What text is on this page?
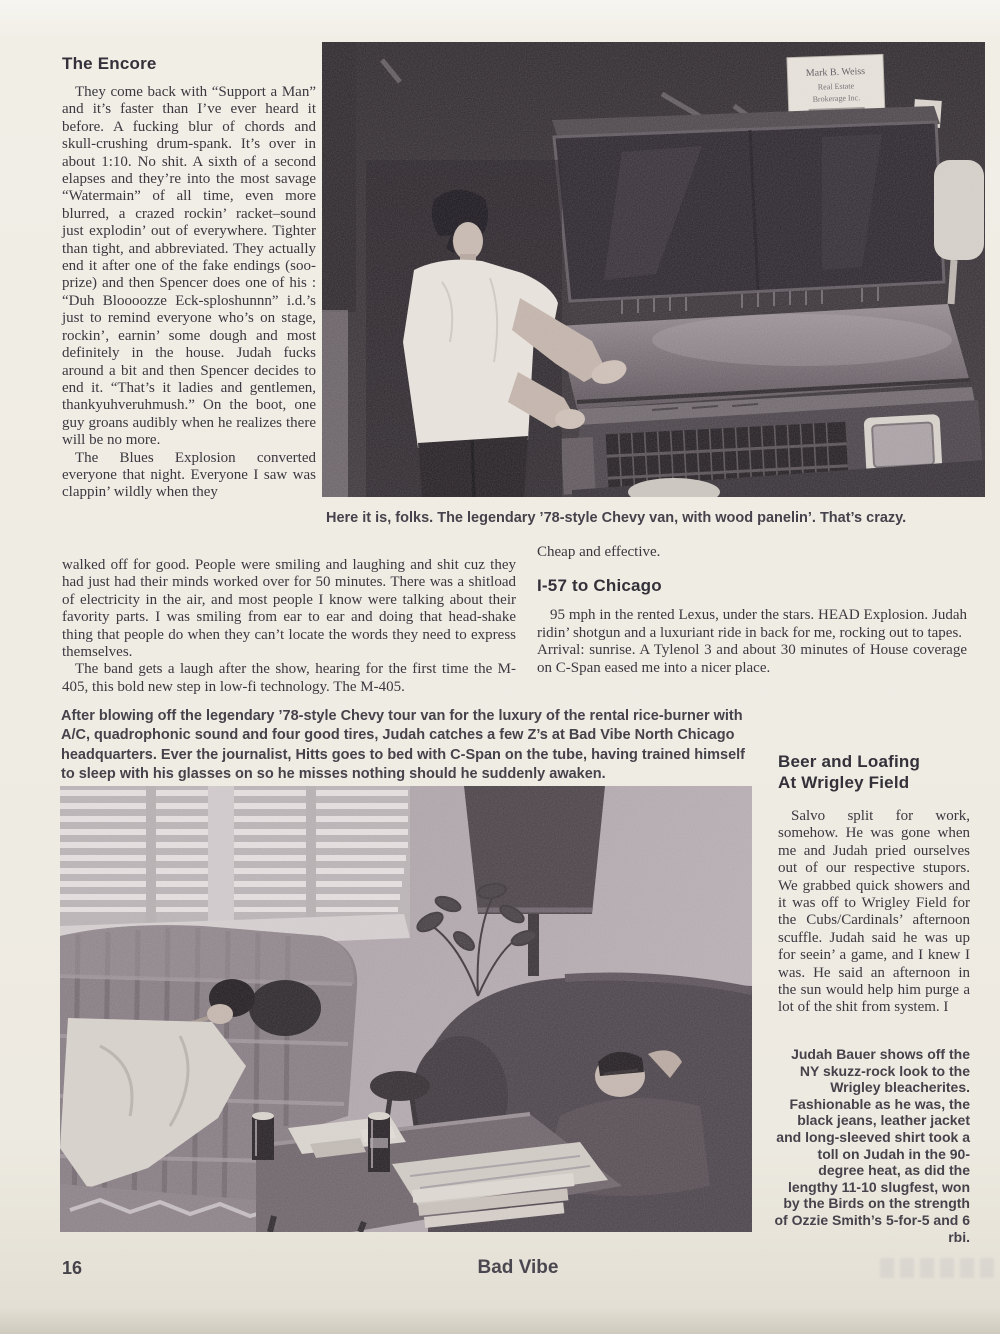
The Encore

They come back with “Support a Man” and it’s faster than I’ve ever heard it before. A fucking blur of chords and skull-crushing drum-spank. It’s over in about 1:10. No shit. A sixth of a second elapses and they’re into the most savage “Watermain” of all time, even more blurred, a crazed rockin’ racket–sound just explodin’ out of everywhere. Tighter than tight, and abbreviated. They actually end it after one of the fake endings (soo-prize) and then Spencer does one of his : “Duh Bloooozze Eck-sploshunnn” i.d.’s just to remind everyone who’s on stage, rockin’, earnin’ some dough and most definitely in the house. Judah fucks around a bit and then Spencer decides to end it. “That’s it ladies and gentlemen, thankyuhveruhmush.” On the boot, one guy groans audibly when he realizes there will be no more.

The Blues Explosion converted everyone that night. Everyone I saw was clappin’ wildly when they

Here it is, folks. The legendary ’78-style Chevy van, with wood panelin’. That’s crazy.

walked off for good. People were smiling and laughing and shit cuz they had just had their minds worked over for 50 minutes. There was a shitload of electricity in the air, and most people I know were talking about their favority parts. I was smiling from ear to ear and doing that head-shake thing that people do when they can’t locate the words they need to express themselves.

The band gets a laugh after the show, hearing for the first time the M-405, this bold new step in low-fi technology. The M-405.

Cheap and effective.

I-57 to Chicago

95 mph in the rented Lexus, under the stars. HEAD Explosion. Judah ridin’ shotgun and a luxuriant ride in back for me, rocking out to tapes.

Arrival: sunrise. A Tylenol 3 and about 30 minutes of House coverage on C-Span eased me into a nicer place.

After blowing off the legendary ’78-style Chevy tour van for the luxury of the rental rice-burner with A/C, quadrophonic sound and four good tires, Judah catches a few Z’s at Bad Vibe North Chicago headquarters. Ever the journalist, Hitts goes to bed with C-Span on the tube, having trained himself to sleep with his glasses on so he misses nothing should he suddenly awaken.
Beer and Loafing
At Wrigley Field

Salvo split for work, somehow. He was gone when me and Judah pried ourselves out of our respective stupors. We grabbed quick showers and it was off to Wrigley Field for the Cubs/Cardinals’ afternoon scuffle. Judah said he was up for seein’ a game, and I knew I was. He said an afternoon in the sun would help him purge a lot of the shit from system. I

Judah Bauer shows off the NY skuzz-rock look to the Wrigley bleacherites. Fashionable as he was, the black jeans, leather jacket and long-sleeved shirt took a toll on Judah in the 90-degree heat, as did the lengthy 11-10 slugfest, won by the Birds on the strength of Ozzie Smith’s 5-for-5 and 6 rbi.
16	Bad Vibe
